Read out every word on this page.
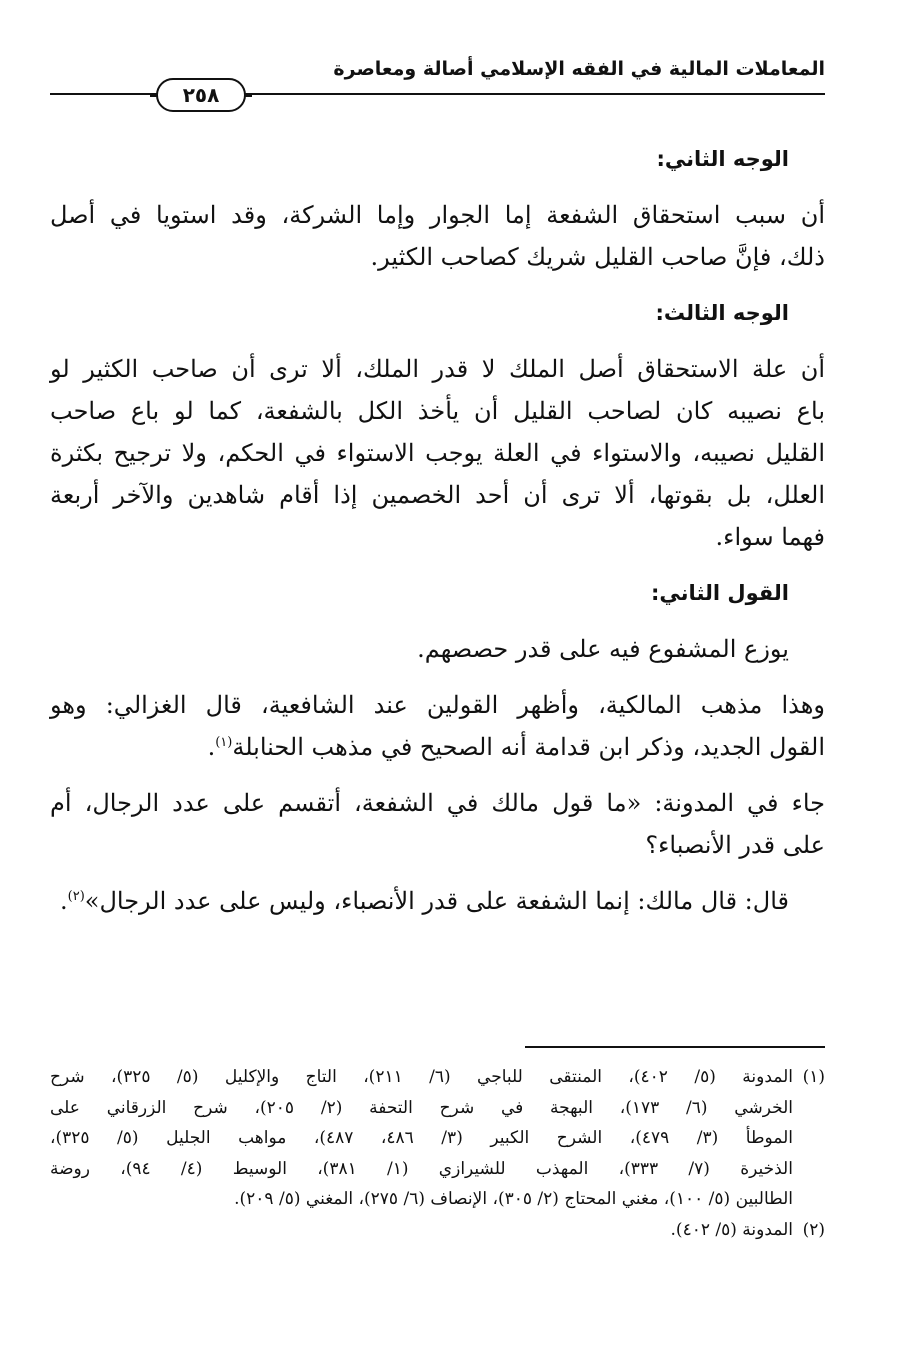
المعاملات المالية في الفقه الإسلامي أصالة ومعاصرة
٢٥٨
الوجه الثاني:
أن سبب استحقاق الشفعة إما الجوار وإما الشركة، وقد استويا في أصل
ذلك، فإنَّ صاحب القليل شريك كصاحب الكثير.
الوجه الثالث:
أن علة الاستحقاق أصل الملك لا قدر الملك، ألا ترى أن صاحب الكثير لو
باع نصيبه كان لصاحب القليل أن يأخذ الكل بالشفعة، كما لو باع صاحب
القليل نصيبه، والاستواء في العلة يوجب الاستواء في الحكم، ولا ترجيح بكثرة
العلل، بل بقوتها، ألا ترى أن أحد الخصمين إذا أقام شاهدين والآخر أربعة
فهما سواء.
القول الثاني:
يوزع المشفوع فيه على قدر حصصهم.
وهذا مذهب المالكية، وأظهر القولين عند الشافعية، قال الغزالي: وهو
القول الجديد، وذكر ابن قدامة أنه الصحيح في مذهب الحنابلة$^{(١)}$.
جاء في المدونة: «ما قول مالك في الشفعة، أتقسم على عدد الرجال، أم
على قدر الأنصباء؟
قال: قال مالك: إنما الشفعة على قدر الأنصباء، وليس على عدد الرجال»$^{(٢)}$.
(١)المدونة (٥/ ٤٠٢)، المنتقى للباجي (٦/ ٢١١)، التاج والإكليل (٥/ ٣٢٥)، شرح
الخرشي (٦/ ١٧٣)، البهجة في شرح التحفة (٢/ ٢٠٥)، شرح الزرقاني على
الموطأ (٣/ ٤٧٩)، الشرح الكبير (٣/ ٤٨٦، ٤٨٧)، مواهب الجليل (٥/ ٣٢٥)،
الذخيرة (٧/ ٣٣٣)، المهذب للشيرازي (١/ ٣٨١)، الوسيط (٤/ ٩٤)، روضة
الطالبين (٥/ ١٠٠)، مغني المحتاج (٢/ ٣٠٥)، الإنصاف (٦/ ٢٧٥)، المغني (٥/ ٢٠٩).
(٢)المدونة (٥/ ٤٠٢).
